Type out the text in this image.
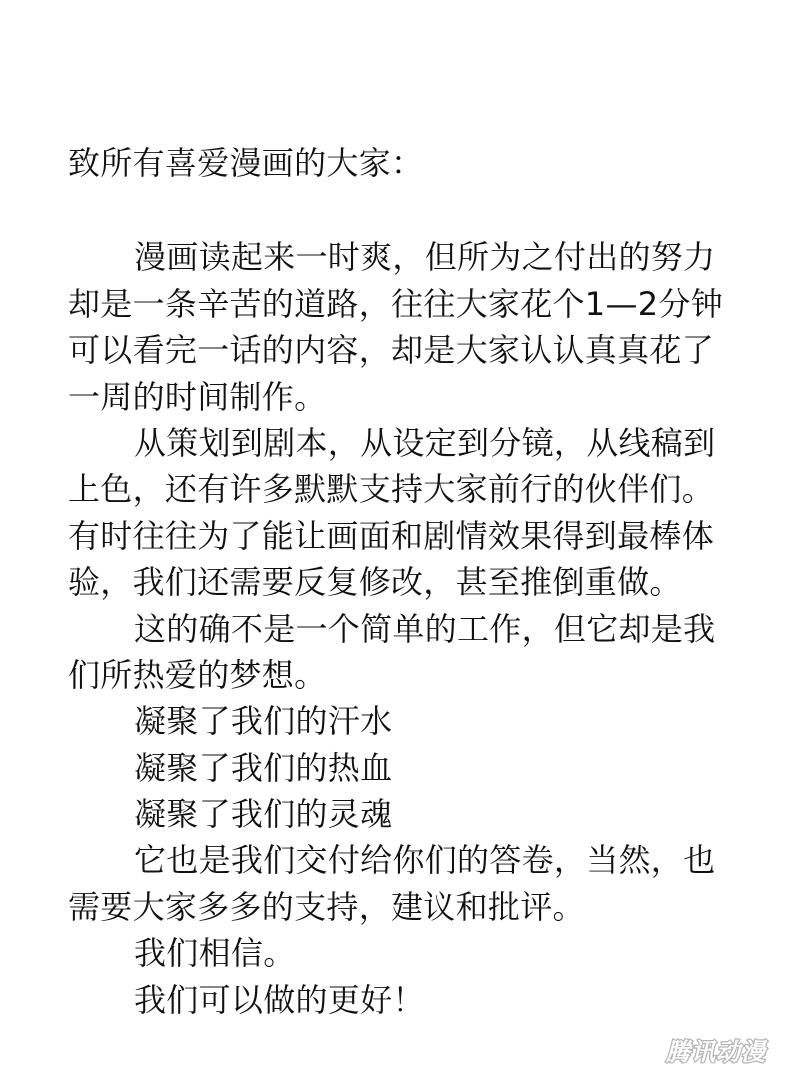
致所有喜爱漫画的大家：
漫画读起来一时爽，但所为之付出的努力
却是一条辛苦的道路，往往大家花个1—2分钟
可以看完一话的内容，却是大家认认真真花了
一周的时间制作。
从策划到剧本，从设定到分镜，从线稿到
上色，还有许多默默支持大家前行的伙伴们。
有时往往为了能让画面和剧情效果得到最棒体
验，我们还需要反复修改，甚至推倒重做。
这的确不是一个简单的工作，但它却是我
们所热爱的梦想。
凝聚了我们的汗水
凝聚了我们的热血
凝聚了我们的灵魂
它也是我们交付给你们的答卷，当然，也
需要大家多多的支持，建议和批评。
我们相信。
我们可以做的更好！
腾讯动漫
